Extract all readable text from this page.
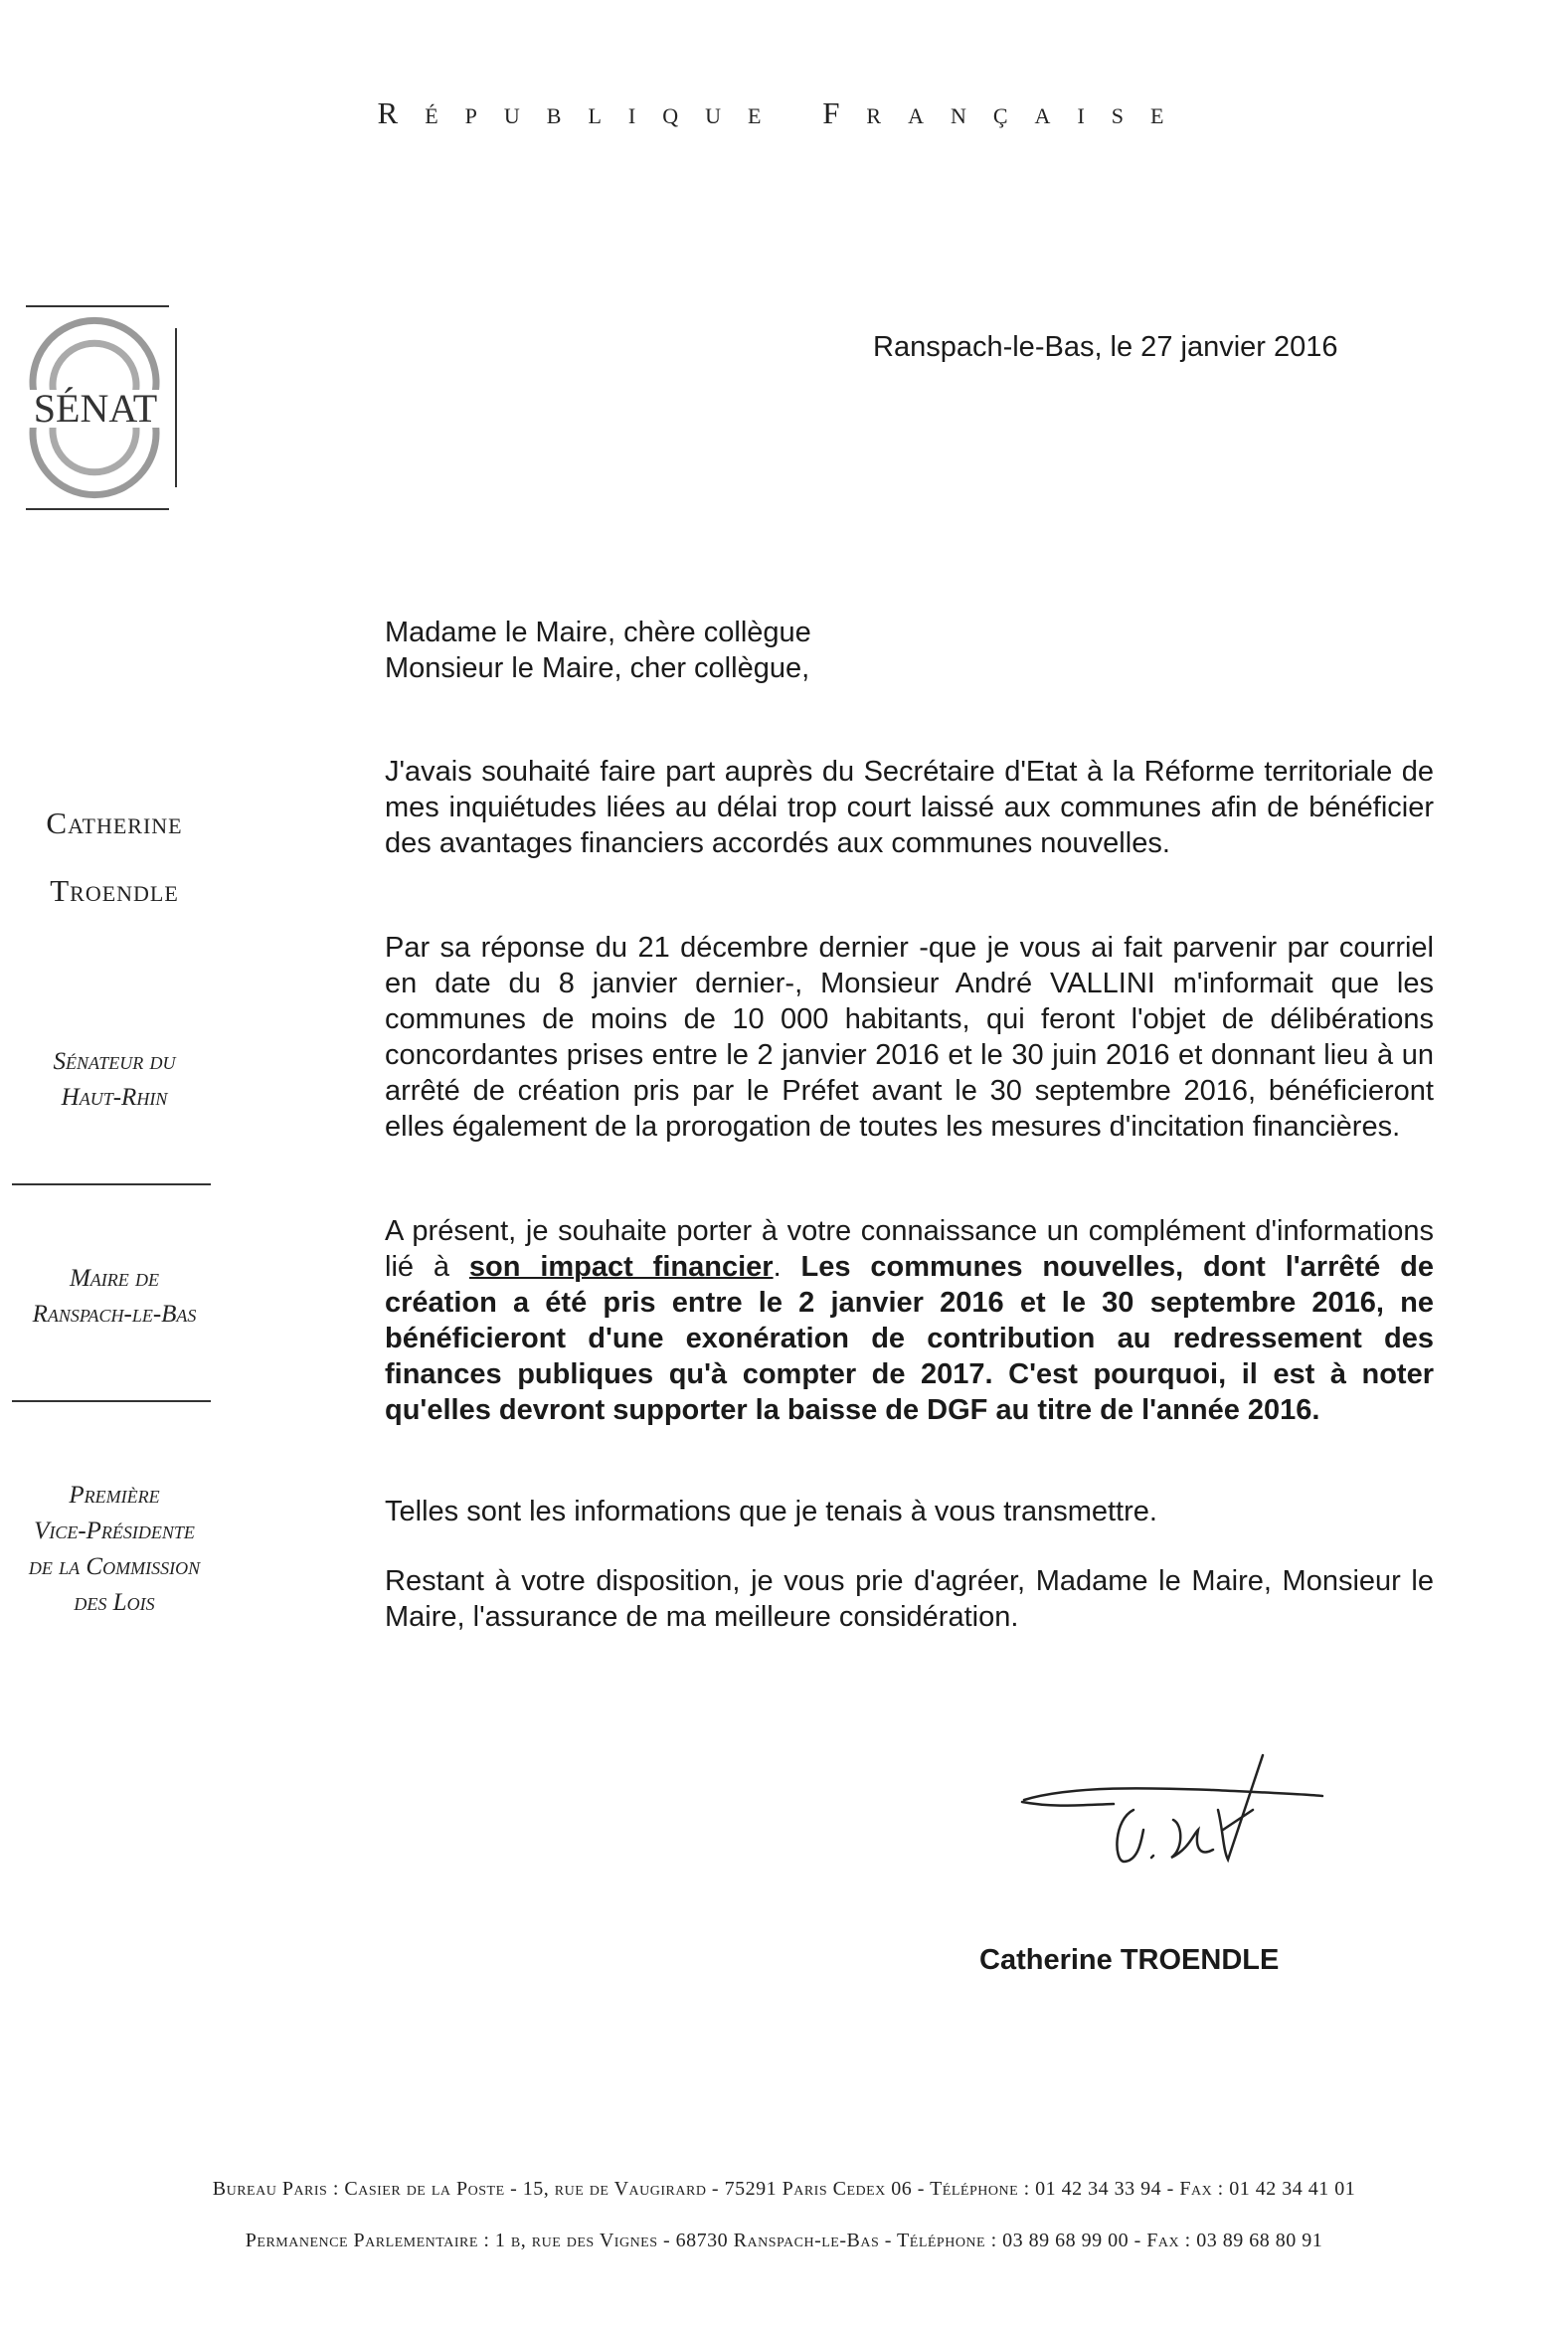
République Française
SÉNAT
Ranspach-le-Bas, le 27 janvier 2016
Madame le Maire, chère collègue
Monsieur le Maire, cher collègue,
Catherine
Troendle
Sénateur du
Haut-Rhin
Maire de
Ranspach-le-Bas
Première
Vice-Présidente
de la Commission
des Lois
J'avais souhaité faire part auprès du Secrétaire d'Etat à la Réforme territoriale de mes inquiétudes liées au délai trop court laissé aux communes afin de bénéficier des avantages financiers accordés aux communes nouvelles.
Par sa réponse du 21 décembre dernier -que je vous ai fait parvenir par courriel en date du 8 janvier dernier-, Monsieur André VALLINI m'informait que les communes de moins de 10 000 habitants, qui feront l'objet de délibérations concordantes prises entre le 2 janvier 2016 et le 30 juin 2016 et donnant lieu à un arrêté de création pris par le Préfet avant le 30 septembre 2016, bénéficieront elles également de la prorogation de toutes les mesures d'incitation financières.
A présent, je souhaite porter à votre connaissance un complément d'informations lié à son impact financier. Les communes nouvelles, dont l'arrêté de création a été pris entre le 2 janvier 2016 et le 30 septembre 2016, ne bénéficieront d'une exonération de contribution au redressement des finances publiques qu'à compter de 2017. C'est pourquoi, il est à noter qu'elles devront supporter la baisse de DGF au titre de l'année 2016.
Telles sont les informations que je tenais à vous transmettre.
Restant à votre disposition, je vous prie d'agréer, Madame le Maire, Monsieur le Maire, l'assurance de ma meilleure considération.
Catherine TROENDLE
Bureau Paris : Casier de la Poste - 15, rue de Vaugirard - 75291 Paris Cedex 06 - Téléphone : 01 42 34 33 94 - Fax : 01 42 34 41 01
Permanence Parlementaire : 1 b, rue des Vignes - 68730 Ranspach-le-Bas - Téléphone : 03 89 68 99 00 - Fax : 03 89 68 80 91
